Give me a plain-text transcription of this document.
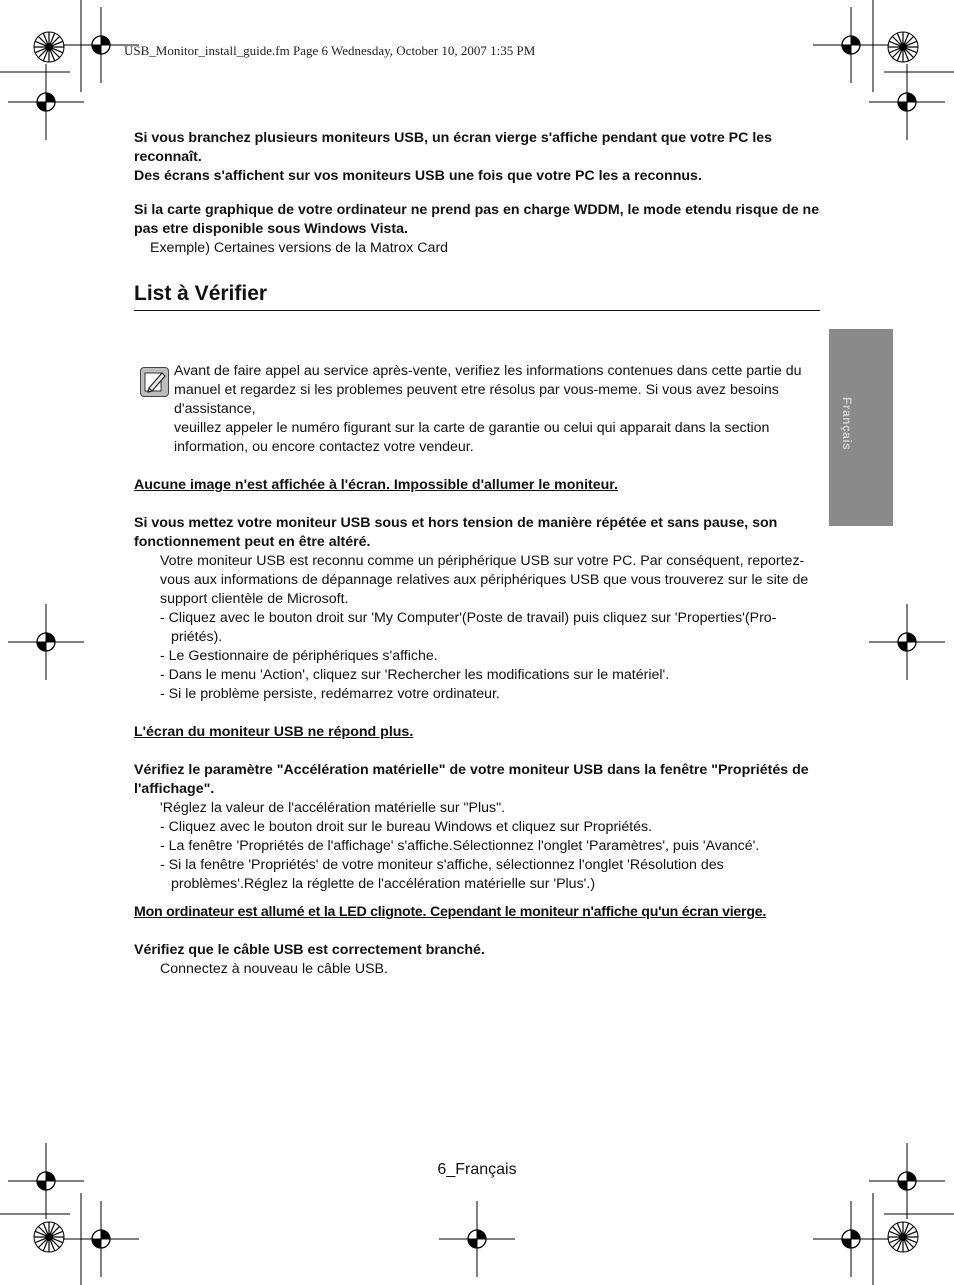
USB_Monitor_install_guide.fm Page 6 Wednesday, October 10, 2007 1:35 PM
Si vous branchez plusieurs moniteurs USB, un écran vierge s'affiche pendant que votre PC les reconnaît.
Des écrans s'affichent sur vos moniteurs USB une fois que votre PC les a reconnus.
Si la carte graphique de votre ordinateur ne prend pas en charge WDDM, le mode etendu risque de ne pas etre disponible sous Windows Vista.
Exemple) Certaines versions de la Matrox Card
List à Vérifier
Avant de faire appel au service après-vente, verifiez les informations contenues dans cette partie du manuel et regardez si les problemes peuvent etre résolus par vous-meme. Si vous avez besoins d'assistance,
veuillez appeler le numéro figurant sur la carte de garantie ou celui qui apparait dans la section information, ou encore contactez votre vendeur.
Aucune image n'est affichée à l'écran. Impossible d'allumer le moniteur.
Si vous mettez votre moniteur USB sous et hors tension de manière répétée et sans pause, son fonctionnement peut en être altéré.
Votre moniteur USB est reconnu comme un périphérique USB sur votre PC. Par conséquent, reportez-vous aux informations de dépannage relatives aux périphériques USB que vous trouverez sur le site de support clientèle de Microsoft.
- Cliquez avec le bouton droit sur 'My Computer'(Poste de travail) puis cliquez sur 'Properties'(Pro-priétés).
- Le Gestionnaire de périphériques s'affiche.
- Dans le menu 'Action', cliquez sur 'Rechercher les modifications sur le matériel'.
- Si le problème persiste, redémarrez votre ordinateur.
L'écran du moniteur USB ne répond plus.
Vérifiez le paramètre "Accélération matérielle" de votre moniteur USB dans la fenêtre "Propriétés de l'affichage".
'Réglez la valeur de l'accélération matérielle sur "Plus".
- Cliquez avec le bouton droit sur le bureau Windows et cliquez sur Propriétés.
- La fenêtre 'Propriétés de l'affichage' s'affiche.Sélectionnez l'onglet 'Paramètres', puis 'Avancé'.
- Si la fenêtre 'Propriétés' de votre moniteur s'affiche, sélectionnez l'onglet 'Résolution des problèmes'.Réglez la réglette de l'accélération matérielle sur 'Plus'.)
Mon ordinateur est allumé et la LED clignote. Cependant le moniteur n'affiche qu'un écran vierge.
Vérifiez que le câble USB est correctement branché.
Connectez à nouveau le câble USB.
Français
6_Français
